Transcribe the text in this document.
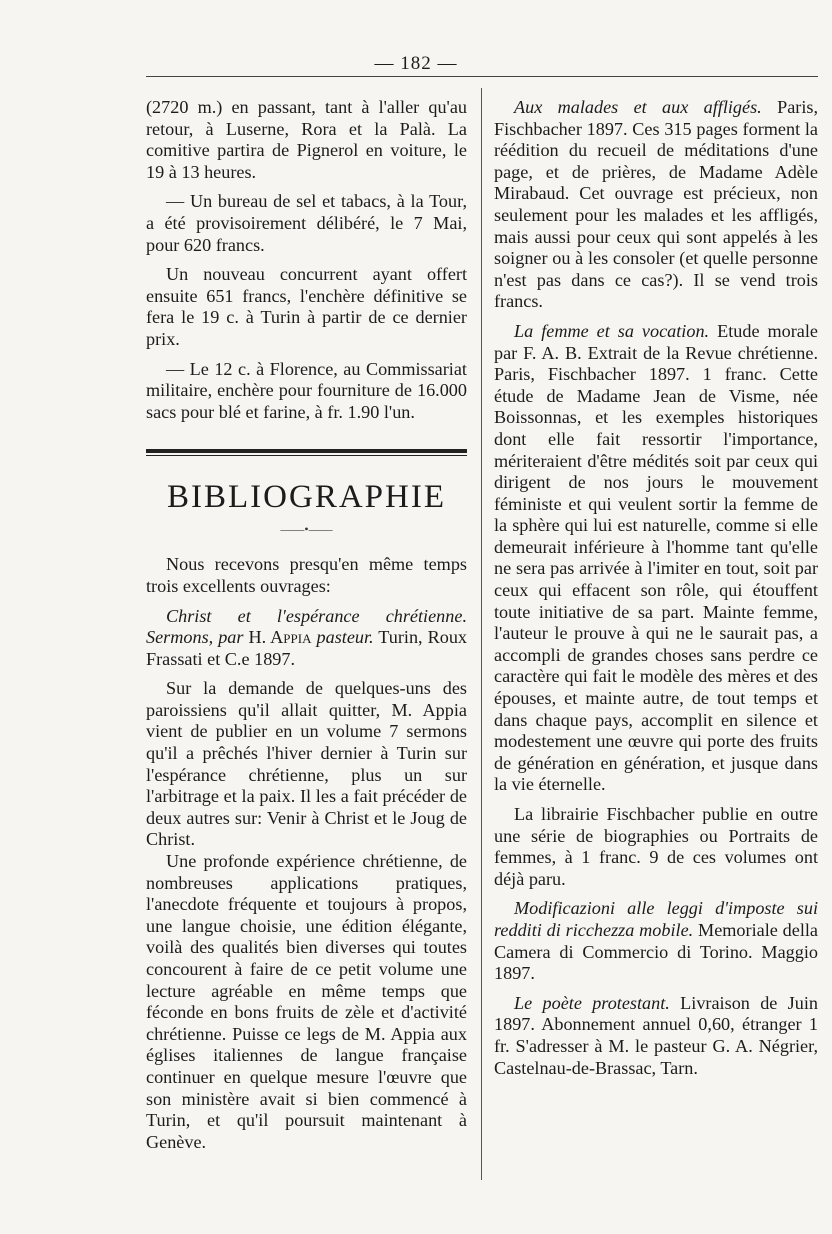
— 182 —

(2720 m.) en passant, tant à l'aller qu'au retour, à Luserne, Rora et la Palà. La comitive partira de Pignerol en voiture, le 19 à 13 heures.

— Un bureau de sel et tabacs, à la Tour, a été provisoirement délibéré, le 7 Mai, pour 620 francs.

Un nouveau concurrent ayant offert ensuite 651 francs, l'enchère définitive se fera le 19 c. à Turin à partir de ce dernier prix.

— Le 12 c. à Florence, au Commissariat militaire, enchère pour fourniture de 16.000 sacs pour blé et farine, à fr. 1.90 l'un.

BIBLIOGRAPHIE
——•——

Nous recevons presqu'en même temps trois excellents ouvrages:

Christ et l'espérance chrétienne. Sermons, par H. Appia pasteur. Turin, Roux Frassati et C.e 1897.

Sur la demande de quelques-uns des paroissiens qu'il allait quitter, M. Appia vient de publier en un volume 7 sermons qu'il a prêchés l'hiver dernier à Turin sur l'espérance chrétienne, plus un sur l'arbitrage et la paix. Il les a fait précéder de deux autres sur: Venir à Christ et le Joug de Christ.

Une profonde expérience chrétienne, de nombreuses applications pratiques, l'anecdote fréquente et toujours à propos, une langue choisie, une édition élégante, voilà des qualités bien diverses qui toutes concourent à faire de ce petit volume une lecture agréable en même temps que féconde en bons fruits de zèle et d'activité chrétienne. Puisse ce legs de M. Appia aux églises italiennes de langue française continuer en quelque mesure l'œuvre que son ministère avait si bien commencé à Turin, et qu'il poursuit maintenant à Genève.

Aux malades et aux affligés. Paris, Fischbacher 1897. Ces 315 pages forment la réédition du recueil de méditations d'une page, et de prières, de Madame Adèle Mirabaud. Cet ouvrage est précieux, non seulement pour les malades et les affligés, mais aussi pour ceux qui sont appelés à les soigner ou à les consoler (et quelle personne n'est pas dans ce cas?). Il se vend trois francs.

La femme et sa vocation. Etude morale par F. A. B. Extrait de la Revue chrétienne. Paris, Fischbacher 1897. 1 franc. Cette étude de Madame Jean de Visme, née Boissonnas, et les exemples historiques dont elle fait ressortir l'importance, mériteraient d'être médités soit par ceux qui dirigent de nos jours le mouvement féministe et qui veulent sortir la femme de la sphère qui lui est naturelle, comme si elle demeurait inférieure à l'homme tant qu'elle ne sera pas arrivée à l'imiter en tout, soit par ceux qui effacent son rôle, qui étouffent toute initiative de sa part. Mainte femme, l'auteur le prouve à qui ne le saurait pas, a accompli de grandes choses sans perdre ce caractère qui fait le modèle des mères et des épouses, et mainte autre, de tout temps et dans chaque pays, accomplit en silence et modestement une œuvre qui porte des fruits de génération en génération, et jusque dans la vie éternelle.

La librairie Fischbacher publie en outre une série de biographies ou Portraits de femmes, à 1 franc. 9 de ces volumes ont déjà paru.

Modificazioni alle leggi d'imposte sui redditi di ricchezza mobile. Memoriale della Camera di Commercio di Torino. Maggio 1897.

Le poète protestant. Livraison de Juin 1897. Abonnement annuel 0,60, étranger 1 fr. S'adresser à M. le pasteur G. A. Négrier, Castelnau-de-Brassac, Tarn.
